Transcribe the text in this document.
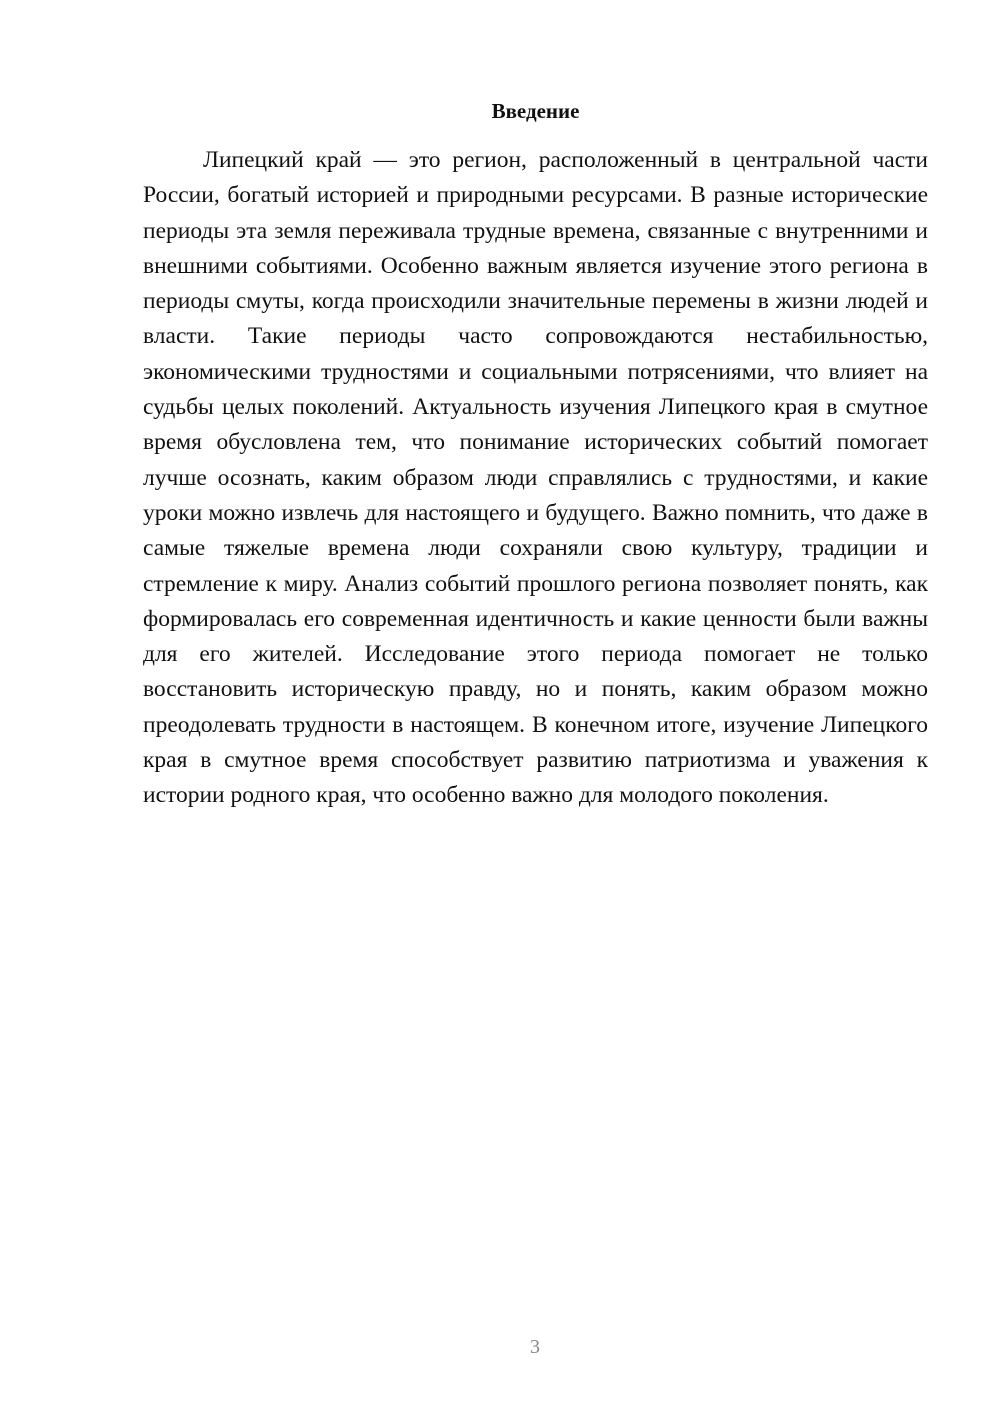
Введение

Липецкий край — это регион, расположенный в центральной части России, богатый историей и природными ресурсами. В разные исторические периоды эта земля переживала трудные времена, связанные с внутренними и внешними событиями. Особенно важным является изучение этого региона в периоды смуты, когда происходили значительные перемены в жизни людей и власти. Такие периоды часто сопровождаются нестабильностью, экономическими трудностями и социальными потрясениями, что влияет на судьбы целых поколений. Актуальность изучения Липецкого края в смутное время обусловлена тем, что понимание исторических событий помогает лучше осознать, каким образом люди справлялись с трудностями, и какие уроки можно извлечь для настоящего и будущего. Важно помнить, что даже в самые тяжелые времена люди сохраняли свою культуру, традиции и стремление к миру. Анализ событий прошлого региона позволяет понять, как формировалась его современная идентичность и какие ценности были важны для его жителей. Исследование этого периода помогает не только восстановить историческую правду, но и понять, каким образом можно преодолевать трудности в настоящем. В конечном итоге, изучение Липецкого края в смутное время способствует развитию патриотизма и уважения к истории родного края, что особенно важно для молодого поколения.

3
